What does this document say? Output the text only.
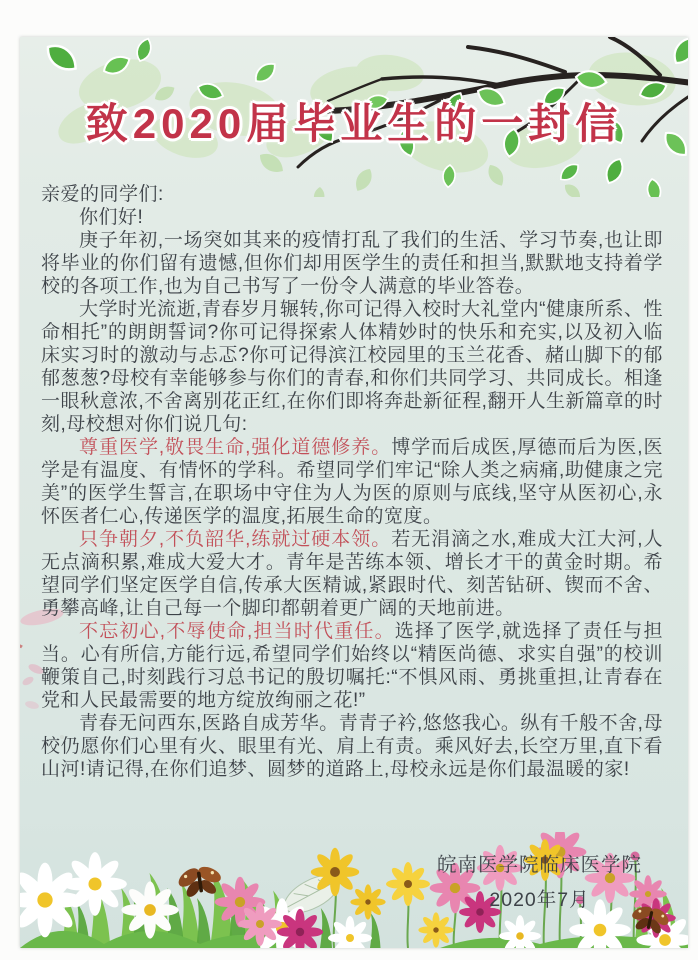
致2020届毕业生的一封信

亲爱的同学们:

你们好!

庚子年初,一场突如其来的疫情打乱了我们的生活、学习节奏,也让即将毕业的你们留有遗憾,但你们却用医学生的责任和担当,默默地支持着学校的各项工作,也为自己书写了一份令人满意的毕业答卷。

大学时光流逝,青春岁月辗转,你可记得入校时大礼堂内“健康所系、性命相托”的朗朗誓词?你可记得探索人体精妙时的快乐和充实,以及初入临床实习时的激动与忐忑?你可记得滨江校园里的玉兰花香、赭山脚下的郁郁葱葱?母校有幸能够参与你们的青春,和你们共同学习、共同成长。相逢一眼秋意浓,不舍离别花正红,在你们即将奔赴新征程,翻开人生新篇章的时刻,母校想对你们说几句:

尊重医学,敬畏生命,强化道德修养。博学而后成医,厚德而后为医,医学是有温度、有情怀的学科。希望同学们牢记“除人类之病痛,助健康之完美”的医学生誓言,在职场中守住为人为医的原则与底线,坚守从医初心,永怀医者仁心,传递医学的温度,拓展生命的宽度。

只争朝夕,不负韶华,练就过硬本领。若无涓滴之水,难成大江大河,人无点滴积累,难成大爱大才。青年是苦练本领、增长才干的黄金时期。希望同学们坚定医学自信,传承大医精诚,紧跟时代、刻苦钻研、锲而不舍、勇攀高峰,让自己每一个脚印都朝着更广阔的天地前进。

不忘初心,不辱使命,担当时代重任。选择了医学,就选择了责任与担当。心有所信,方能行远,希望同学们始终以“精医尚德、求实自强”的校训鞭策自己,时刻践行习总书记的殷切嘱托:“不惧风雨、勇挑重担,让青春在党和人民最需要的地方绽放绚丽之花!”

青春无问西东,医路自成芳华。青青子衿,悠悠我心。纵有千般不舍,母校仍愿你们心里有火、眼里有光、肩上有责。乘风好去,长空万里,直下看山河!请记得,在你们追梦、圆梦的道路上,母校永远是你们最温暖的家!

皖南医学院临床医学院
2020年7月
